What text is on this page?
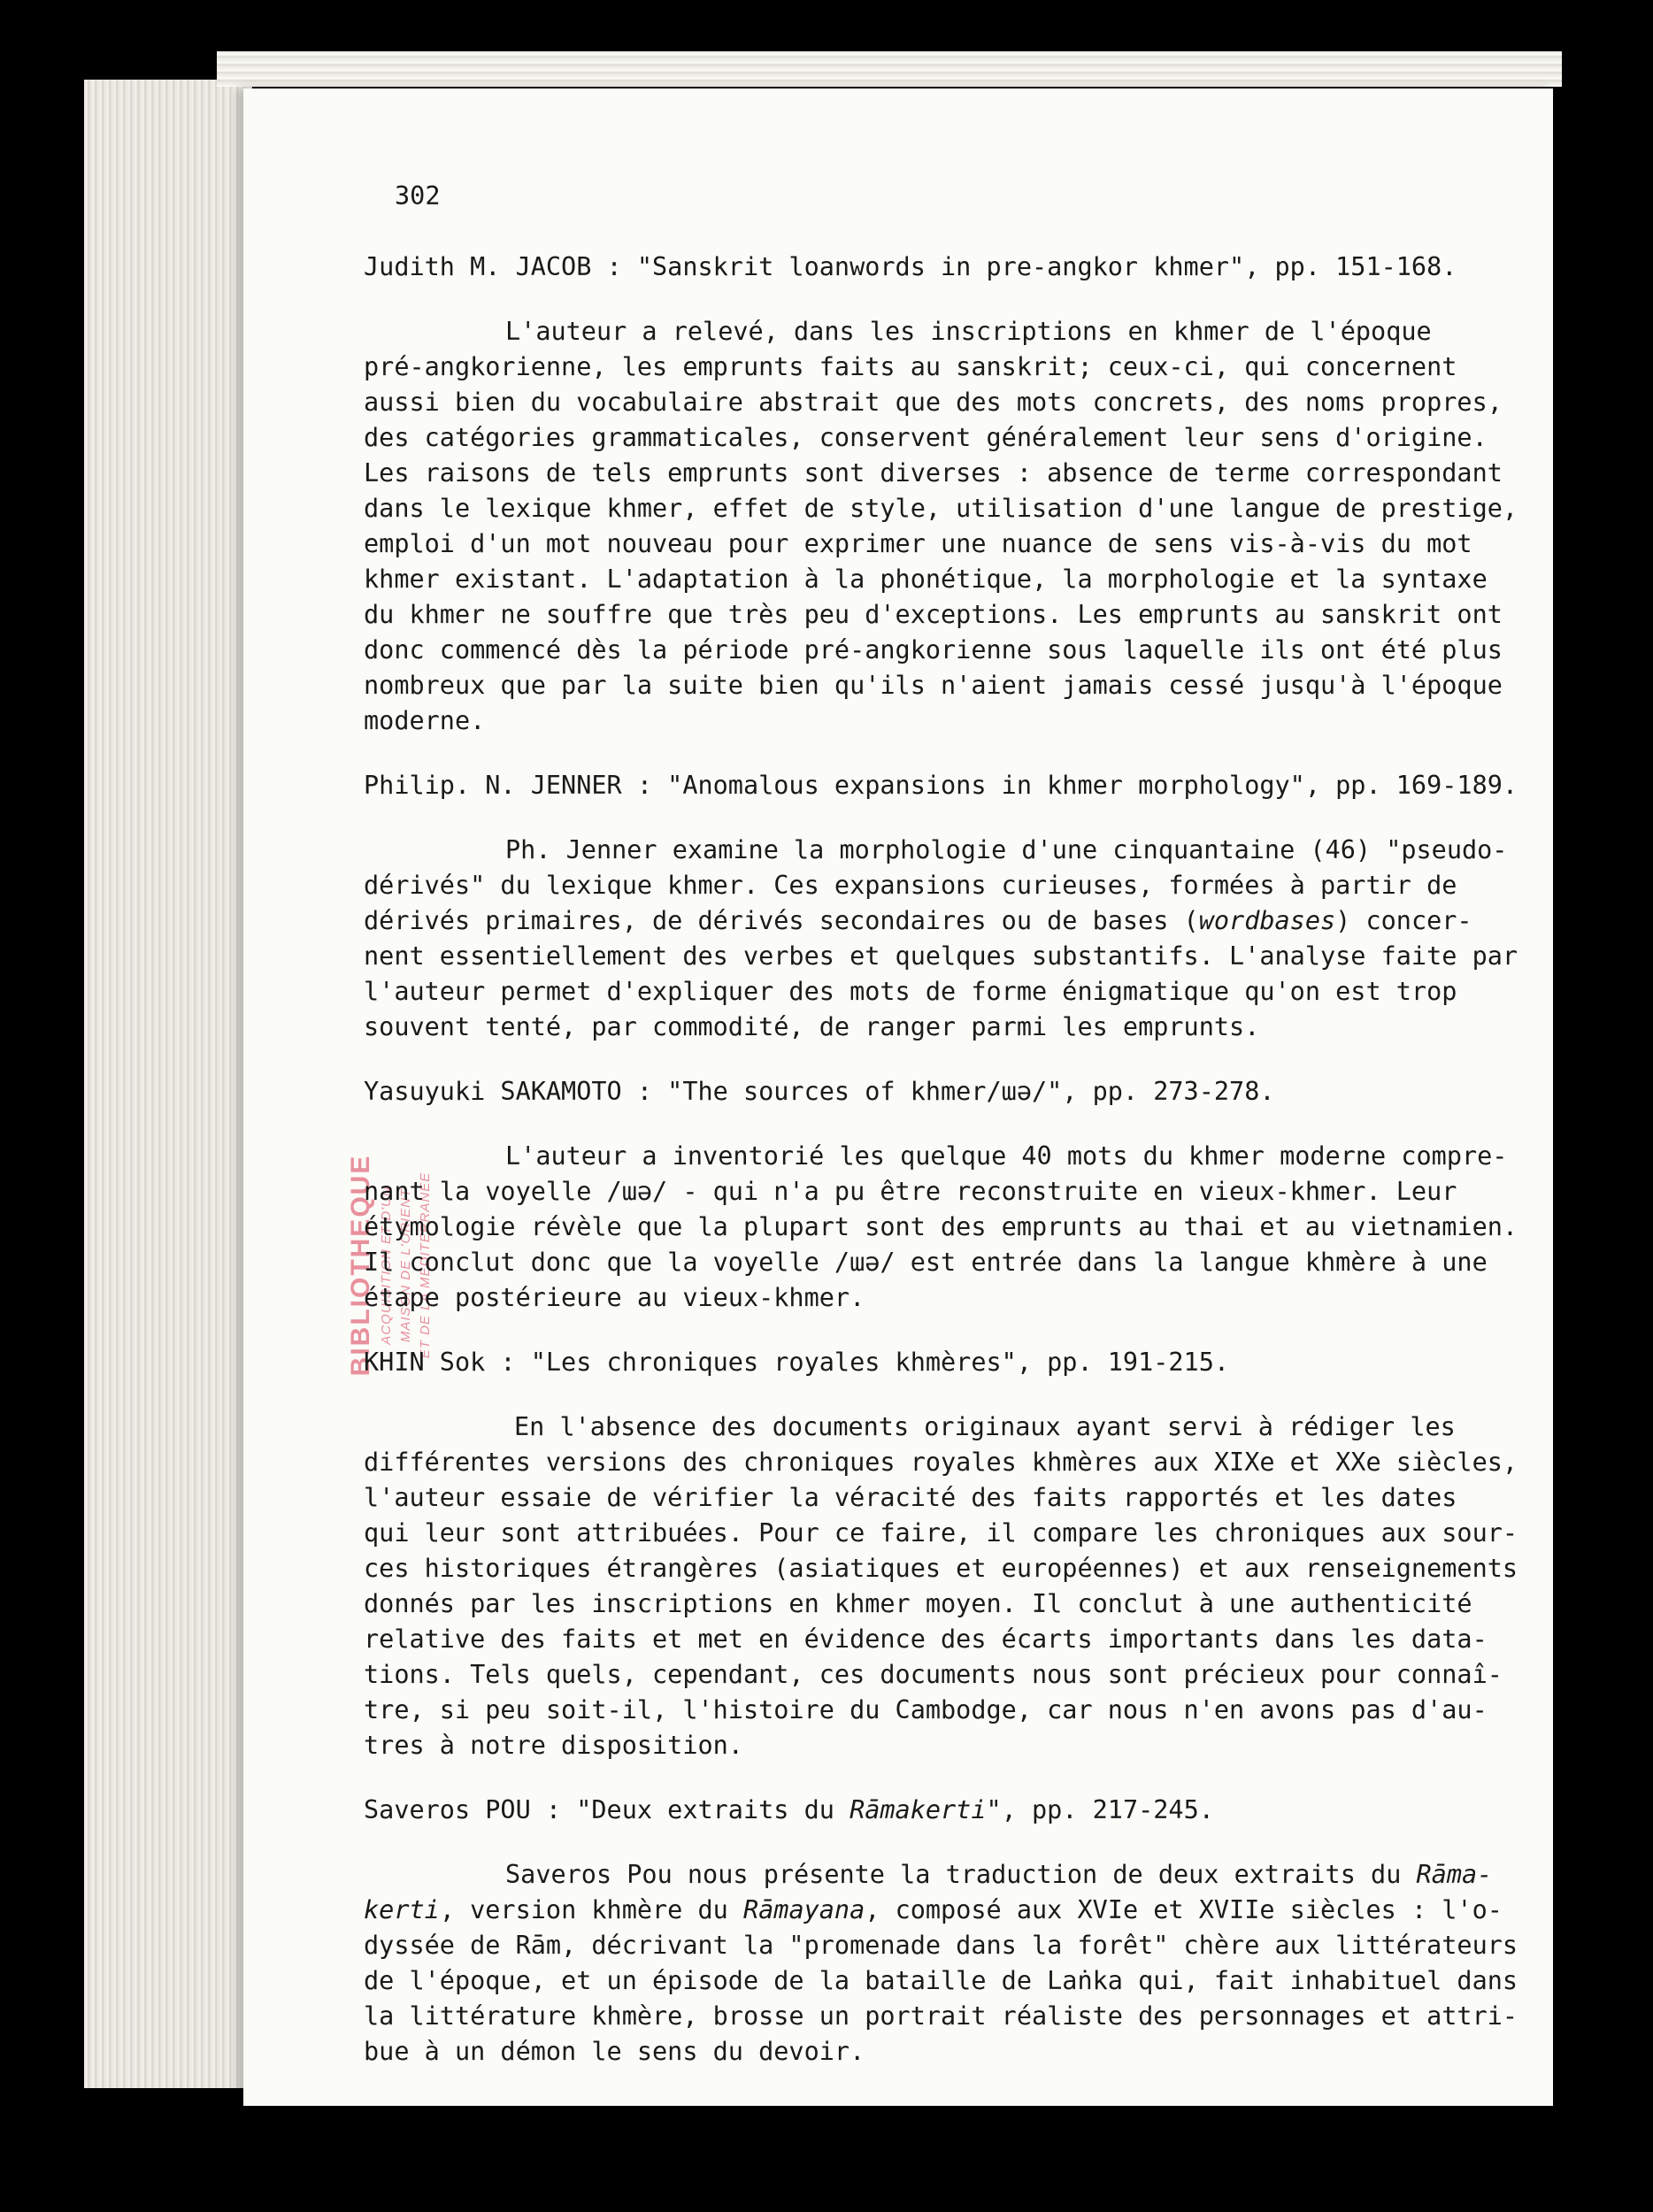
BIBLIOTHEQUE ACQUISITION ET D'UN MAISON DE L'ORIENT ET DE LA MEDITERRANEE
302
Judith M. JACOB : "Sanskrit loanwords in pre-angkor khmer", pp. 151-168.
L'auteur a relevé, dans les inscriptions en khmer de l'époque
pré-angkorienne, les emprunts faits au sanskrit; ceux-ci, qui concernent
aussi bien du vocabulaire abstrait que des mots concrets, des noms propres,
des catégories grammaticales, conservent généralement leur sens d'origine.
Les raisons de tels emprunts sont diverses : absence de terme correspondant
dans le lexique khmer, effet de style, utilisation d'une langue de prestige,
emploi d'un mot nouveau pour exprimer une nuance de sens vis-à-vis du mot
khmer existant. L'adaptation à la phonétique, la morphologie et la syntaxe
du khmer ne souffre que très peu d'exceptions. Les emprunts au sanskrit ont
donc commencé dès la période pré-angkorienne sous laquelle ils ont été plus
nombreux que par la suite bien qu'ils n'aient jamais cessé jusqu'à l'époque
moderne.
Philip. N. JENNER : "Anomalous expansions in khmer morphology", pp. 169-189.
Ph. Jenner examine la morphologie d'une cinquantaine (46) "pseudo-
dérivés" du lexique khmer. Ces expansions curieuses, formées à partir de
dérivés primaires, de dérivés secondaires ou de bases (wordbases) concer-
nent essentiellement des verbes et quelques substantifs. L'analyse faite par
l'auteur permet d'expliquer des mots de forme énigmatique qu'on est trop
souvent tenté, par commodité, de ranger parmi les emprunts.
Yasuyuki SAKAMOTO : "The sources of khmer/ɯə/", pp. 273-278.
L'auteur a inventorié les quelque 40 mots du khmer moderne compre-
nant la voyelle /ɯə/ - qui n'a pu être reconstruite en vieux-khmer. Leur
étymologie révèle que la plupart sont des emprunts au thai et au vietnamien.
Il conclut donc que la voyelle /ɯə/ est entrée dans la langue khmère à une
étape postérieure au vieux-khmer.
KHIN Sok : "Les chroniques royales khmères", pp. 191-215.
En l'absence des documents originaux ayant servi à rédiger les
différentes versions des chroniques royales khmères aux XIXe et XXe siècles,
l'auteur essaie de vérifier la véracité des faits rapportés et les dates
qui leur sont attribuées. Pour ce faire, il compare les chroniques aux sour-
ces historiques étrangères (asiatiques et européennes) et aux renseignements
donnés par les inscriptions en khmer moyen. Il conclut à une authenticité
relative des faits et met en évidence des écarts importants dans les data-
tions. Tels quels, cependant, ces documents nous sont précieux pour connaî-
tre, si peu soit-il, l'histoire du Cambodge, car nous n'en avons pas d'au-
tres à notre disposition.
Saveros POU : "Deux extraits du Rāmakerti", pp. 217-245.
Saveros Pou nous présente la traduction de deux extraits du Rāma-
kerti, version khmère du Rāmayana, composé aux XVIe et XVIIe siècles : l'o-
dyssée de Rām, décrivant la "promenade dans la forêt" chère aux littérateurs
de l'époque, et un épisode de la bataille de Laṅka qui, fait inhabituel dans
la littérature khmère, brosse un portrait réaliste des personnages et attri-
bue à un démon le sens du devoir.
